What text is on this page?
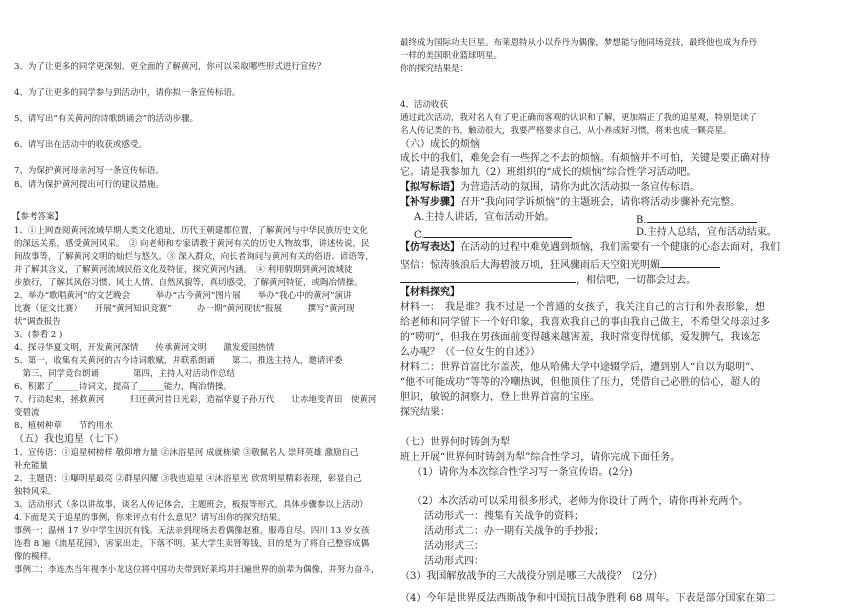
3、为了让更多的同学更深刻、更全面的了解黄河，你可以采取哪些形式进行宣传？
4、为了让更多的同学参与到活动中，请你拟一条宣传标语。
5、请写出“有关黄河的诗歌朗诵会”的活动步骤。
6、请写出在活动中的收获或感受。
7、为保护黄河母亲河写一条宣传标语。
8、请为保护黄河提出可行的建议措施。
【参考答案】
1、①上网查阅黄河流域早期人类文化遗址，历代王朝建都位置，了解黄河与中华民族历史文化
的深远关系，感受黄河风采。　② 向老师和专家请教于黄河有关的历史人物故事，讲述传说，民
间故事等，了解黄河文明的灿烂与悠久。③ 深入群众，向长者询问与黄河有关的俗语、谚语等，
并了解其含义，了解黄河流域民俗文化及特征，探究黄河内涵。　④ 利用假期到黄河流域徒
步旅行，了解其风俗习惯、风土人情、自然风貌等，真切感受，了解黄河特征，或陶冶情操。
2、举办“歌唱黄河”的文艺晚会　　　举办“古今黄河”图片展　　举办“我心中的黄河”演讲
比赛（征文比赛）　　开展“黄河知识竞赛”　　　办一期“黄河现状”报展　　　撰写“黄河现
状”调查报告
3、(参看 2 )
4、探寻华夏文明，开发黄河深情　　传承黄河文明　　激发爱国热情
5、第一，收集有关黄河的古今诗词歌赋，并联系朗诵　　第二，推选主持人，邀请评委
　第三，同学竞台朗诵　　　　第四，主持人对活动作总结
6、积累了______诗词文，提高了______能力，陶冶情操。
7、行动起来，拯救黄河　　　归还黄河昔日光彩，造福华夏子孙万代　　让赤地变青田　使黄河
变碧流
8、植树种草　　节约用水
（五）我也追星（七下）
1、宣传语：①追星树榜样 敬仰增力量 ②沐浴星河 成就栋梁 ③敬佩名人 崇拜英雄 激励自己
补充能量
2、主题语：①曝明星最亮 ②群星闪耀 ③我也追星 ④沐浴星光 欣赏明星精彩表现，彰显自己
独特风采。
3、活动形式（多以讲故事，谈名人传记体会，主题班会，板报等形式。具体步骤参以上活动）
4.下面是关于追星的事例，你来评点有什么意见？请写出你的探究结果。
事例一：温州 17 岁中学生因沉有钱。无法亲到现场去看偶像赵雅，服毒自尽。四川 13 岁女孩
连看 8 遍《流星花园》，害家出走，下落不明。某大学生卖肾筹钱，目的是为了将自己整容成偶
像的模样。
事例二：李连杰当年视李小龙这位将中国功夫带到好莱坞并扫遍世界的前辈为偶像，并努力奋斗，
最终成为国际功夫巨星。布莱恩特从小以乔丹为偶像，梦想能与他同场竞技，最终他也成为乔丹
一样的美国职业篮球明星。
你的探究结果是：
4、活动收获
通过此次活动，我对名人有了更正确而客观的认识和了解，更加端正了我的追星观，特别是读了
名人传记类的书，触动很大，我要严格要求自己，从小养成好习惯，将来也成一颗亮星。
（六）成长的烦恼
成长中的我们，难免会有一些挥之不去的烦恼。有烦恼并不可怕，关键是要正确对待
它。请是我参加九（2）班组织的“成长的烦恼”综合性学习活动吧。
【拟写标语】为营造活动的氛围，请你为此次活动拟一条宣传标语。
【补写步骤】召开“我向同学诉烦恼”的主题班会，请你将活动步骤补充完整。
A.主持人讲话，宣布活动开始。	B.
C.	D.主持人总结，宣布活动结束。
【仿写表达】在活动的过程中难免遇到烦恼，我们需要有一个健康的心态去面对，我们
坚信：惊涛骇浪后大海碧波万顷，狂风骤雨后天空阳光明媚
，相信吧，一切都会过去。
【材料探究】
材料一：　我是谁？我不过是一个普通的女孩子，我关注自己的言行和外表形象，想
给老师和同学留下一个好印象，我喜欢我自己的事由我自己做主，不希望父母亲过多
的“唠叨”，但我在男孩面前变得越来越害羞，我时常变得忧郁，爱发脾气，我该怎
么办呢？（《一位女生的自述》）
材料二：世界首富比尔盖茨，他从哈佛大学中途辍学后，遭到别人“自以为聪明”、
“他不可能成功”等等的冷嘲热讽，但他顶住了压力，凭借自己必胜的信心，超人的
胆识，敏锐的洞察力，登上世界首富的宝座。
探究结果：
（七）世界何时铸剑为犁
班上开展“世界何时铸剑为犁”综合性学习，请你完成下面任务。
（1）请你为本次综合性学习写一条宣传语。(2分)
（2）本次活动可以采用很多形式，老师为你设计了两个，请你再补充两个。
活动形式一：搜集有关战争的资料；
活动形式二：办一期有关战争的手抄报；
活动形式三：
活动形式四：
（3）我国解放战争的三大战役分别是哪三大战役？（2分）
（4）今年是世界反法西斯战争和中国抗日战争胜利 68 周年。下表是部分国家在第二
